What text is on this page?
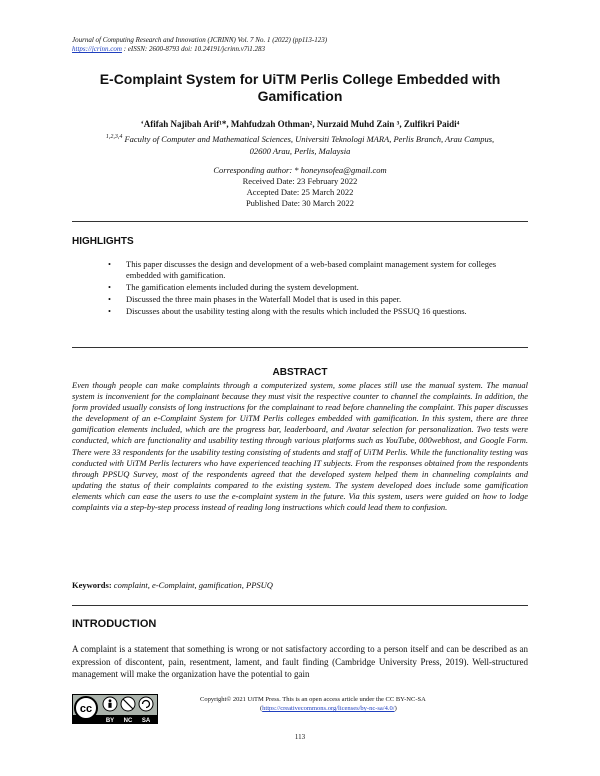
Journal of Computing Research and Innovation (JCRINN) Vol. 7 No. 1 (2022) (pp113-123)
https://jcrinn.com : eISSN: 2600-8793 doi: 10.24191/jcrinn.v7i1.283
E-Complaint System for UiTM Perlis College Embedded with Gamification
‘Afifah Najibah Arif¹*, Mahfudzah Othman², Nurzaid Muhd Zain ³, Zulfikri Paidi⁴
$^{1,2,3,4}$ Faculty of Computer and Mathematical Sciences, Universiti Teknologi MARA, Perlis Branch, Arau Campus, 02600 Arau, Perlis, Malaysia
Corresponding author: * honeynsofea@gmail.com
Received Date: 23 February 2022
Accepted Date: 25 March 2022
Published Date: 30 March 2022
HIGHLIGHTS
• This paper discusses the design and development of a web-based complaint management system for colleges embedded with gamification.
• The gamification elements included during the system development.
• Discussed the three main phases in the Waterfall Model that is used in this paper.
• Discusses about the usability testing along with the results which included the PSSUQ 16 questions.
ABSTRACT
Even though people can make complaints through a computerized system, some places still use the manual system. The manual system is inconvenient for the complainant because they must visit the respective counter to channel the complaints. In addition, the form provided usually consists of long instructions for the complainant to read before channeling the complaint. This paper discusses the development of an e-Complaint System for UiTM Perlis colleges embedded with gamification. In this system, there are three gamification elements included, which are the progress bar, leaderboard, and Avatar selection for personalization. Two tests were conducted, which are functionality and usability testing through various platforms such as YouTube, 000webhost, and Google Form. There were 33 respondents for the usability testing consisting of students and staff of UiTM Perlis. While the functionality testing was conducted with UiTM Perlis lecturers who have experienced teaching IT subjects. From the responses obtained from the respondents through PPSUQ Survey, most of the respondents agreed that the developed system helped them in channeling complaints and updating the status of their complaints compared to the existing system. The system developed does include some gamification elements which can ease the users to use the e-complaint system in the future. Via this system, users were guided on how to lodge complaints via a step-by-step process instead of reading long instructions which could lead them to confusion.
Keywords: complaint, e-Complaint, gamification, PPSUQ
INTRODUCTION
A complaint is a statement that something is wrong or not satisfactory according to a person itself and can be described as an expression of discontent, pain, resentment, lament, and fault finding (Cambridge University Press, 2019). Well-structured management will make the organization have the potential to gain
cc
BY NC SA
Copyright© 2021 UiTM Press. This is an open access article under the CC BY-NC-SA
(https://creativecommons.org/licenses/by-nc-sa/4.0/)
113
